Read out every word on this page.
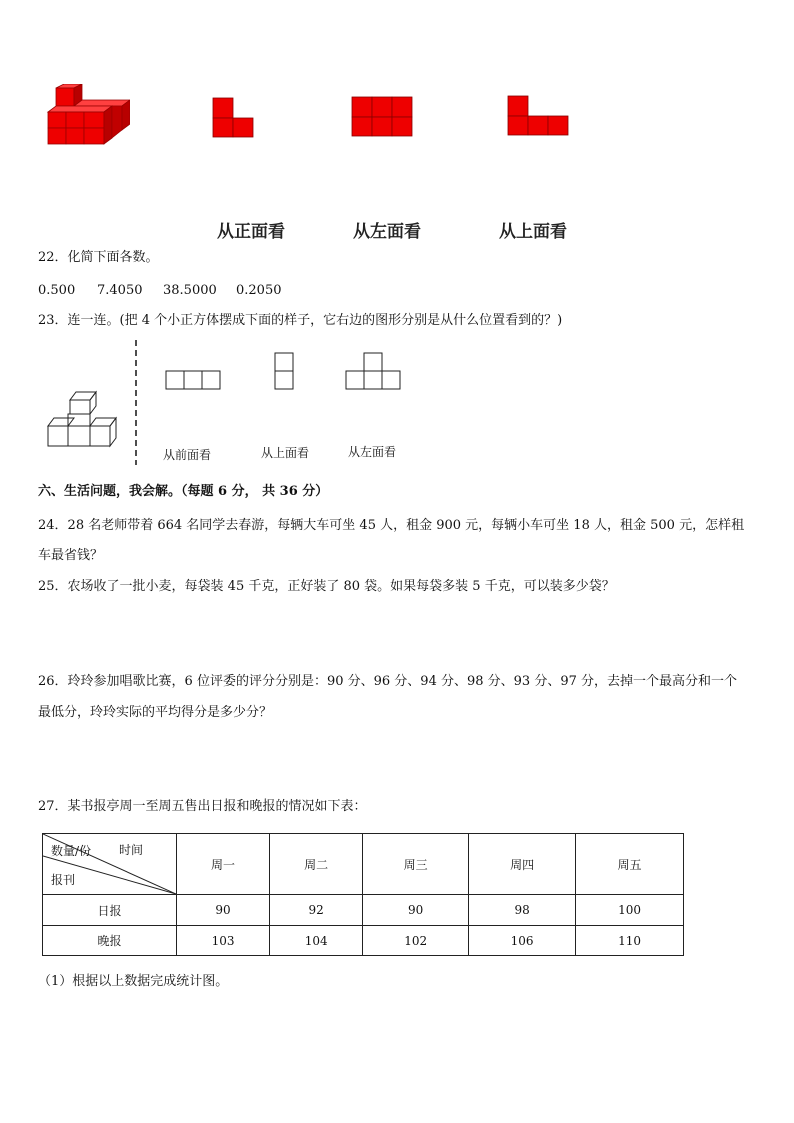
从正面看	从左面看	从上面看
22．化简下面各数。
0.500 7.4050 38.5000 0.2050
23．连一连。(把 4 个小正方体摆成下面的样子，它右边的图形分别是从什么位置看到的？)
从前面看	从上面看	从左面看
六、生活问题，我会解。（每题 6 分， 共 36 分）
24．28 名老师带着 664 名同学去春游，每辆大车可坐 45 人，租金 900 元，每辆小车可坐 18 人，租金 500 元，怎样租
车最省钱？
25．农场收了一批小麦，每袋装 45 千克，正好装了 80 袋。如果每袋多装 5 千克，可以装多少袋？
26．玲玲参加唱歌比赛，6 位评委的评分分别是：90 分、96 分、94 分、98 分、93 分、97 分，去掉一个最高分和一个
最低分，玲玲实际的平均得分是多少分？
27．某书报亭周一至周五售出日报和晚报的情况如下表：
数量/份 时间
报刊	周一	周二	周三	周四	周五
日报	90	92	90	98	100
晚报	103	104	102	106	110
（1）根据以上数据完成统计图。
